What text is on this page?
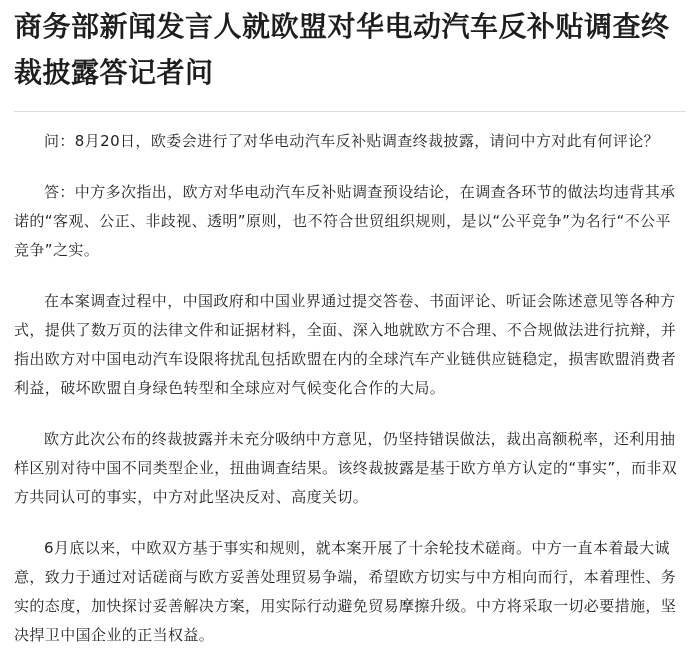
商务部新闻发言人就欧盟对华电动汽车反补贴调查终裁披露答记者问

问：8月20日，欧委会进行了对华电动汽车反补贴调查终裁披露，请问中方对此有何评论？

答：中方多次指出，欧方对华电动汽车反补贴调查预设结论，在调查各环节的做法均违背其承诺的“客观、公正、非歧视、透明”原则，也不符合世贸组织规则，是以“公平竞争”为名行“不公平竞争”之实。

在本案调查过程中，中国政府和中国业界通过提交答卷、书面评论、听证会陈述意见等各种方式，提供了数万页的法律文件和证据材料，全面、深入地就欧方不合理、不合规做法进行抗辩，并指出欧方对中国电动汽车设限将扰乱包括欧盟在内的全球汽车产业链供应链稳定，损害欧盟消费者利益，破坏欧盟自身绿色转型和全球应对气候变化合作的大局。

欧方此次公布的终裁披露并未充分吸纳中方意见，仍坚持错误做法，裁出高额税率，还利用抽样区别对待中国不同类型企业，扭曲调查结果。该终裁披露是基于欧方单方认定的“事实”，而非双方共同认可的事实，中方对此坚决反对、高度关切。

6月底以来，中欧双方基于事实和规则，就本案开展了十余轮技术磋商。中方一直本着最大诚意，致力于通过对话磋商与欧方妥善处理贸易争端，希望欧方切实与中方相向而行，本着理性、务实的态度，加快探讨妥善解决方案，用实际行动避免贸易摩擦升级。中方将采取一切必要措施，坚决捍卫中国企业的正当权益。
